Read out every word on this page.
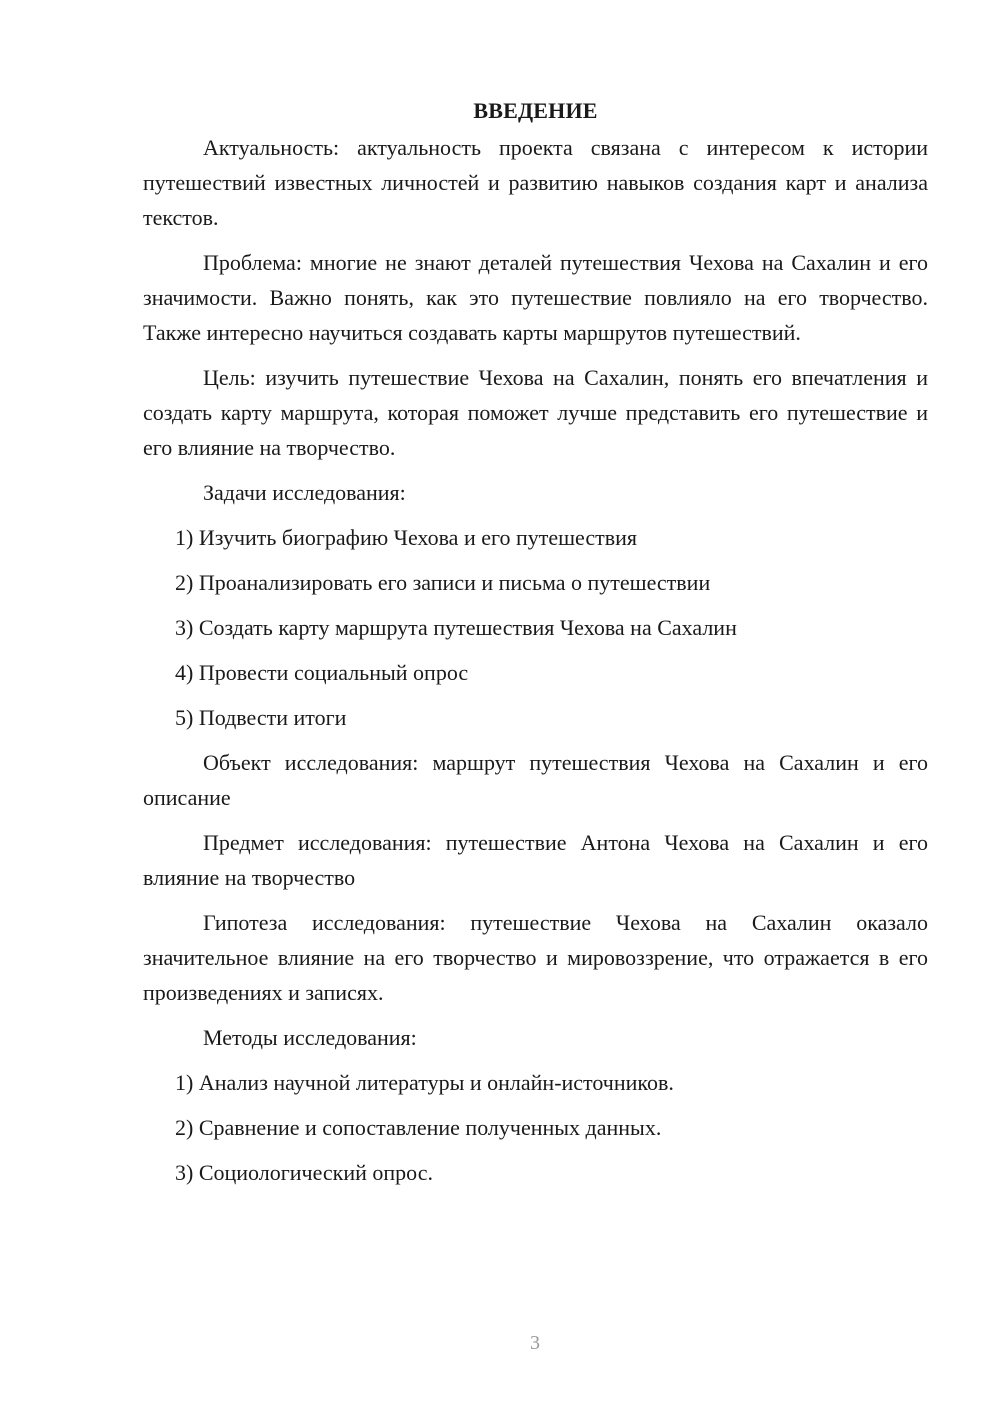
ВВЕДЕНИЕ

Актуальность: актуальность проекта связана с интересом к истории путешествий известных личностей и развитию навыков создания карт и анализа текстов.

Проблема: многие не знают деталей путешествия Чехова на Сахалин и его значимости. Важно понять, как это путешествие повлияло на его творчество. Также интересно научиться создавать карты маршрутов путешествий.

Цель: изучить путешествие Чехова на Сахалин, понять его впечатления и создать карту маршрута, которая поможет лучше представить его путешествие и его влияние на творчество.

Задачи исследования:

1) Изучить биографию Чехова и его путешествия
2) Проанализировать его записи и письма о путешествии
3) Создать карту маршрута путешествия Чехова на Сахалин
4) Провести социальный опрос
5) Подвести итоги

Объект исследования: маршрут путешествия Чехова на Сахалин и его описание

Предмет исследования: путешествие Антона Чехова на Сахалин и его влияние на творчество

Гипотеза исследования: путешествие Чехова на Сахалин оказало значительное влияние на его творчество и мировоззрение, что отражается в его произведениях и записях.

Методы исследования:

1) Анализ научной литературы и онлайн-источников.
2) Сравнение и сопоставление полученных данных.
3) Социологический опрос.
3
